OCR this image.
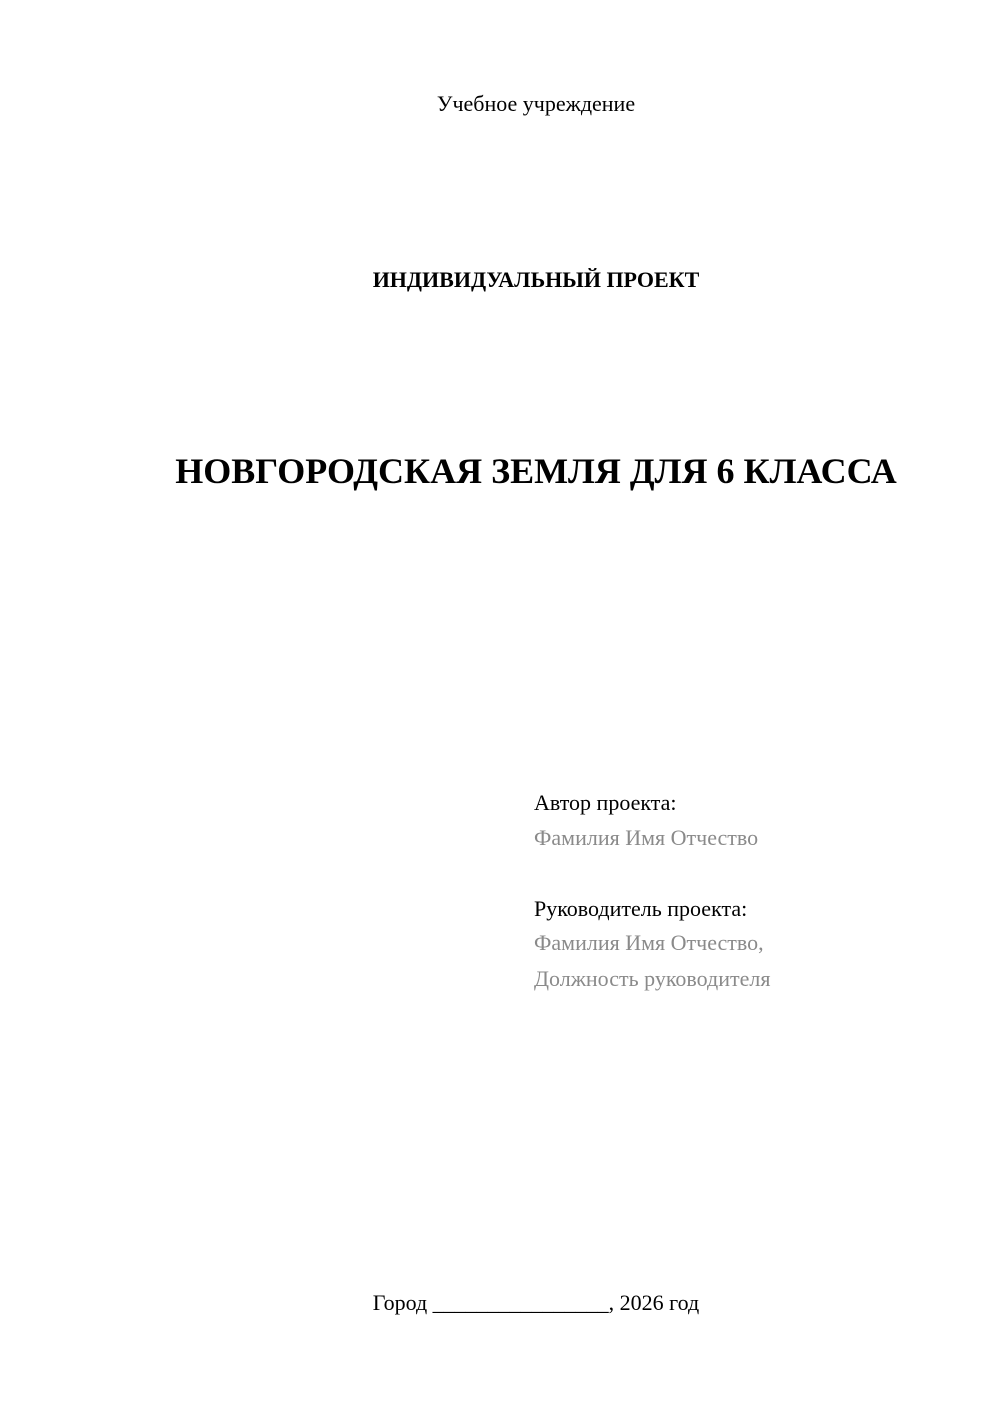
Учебное учреждение
ИНДИВИДУАЛЬНЫЙ ПРОЕКТ
НОВГОРОДСКАЯ ЗЕМЛЯ ДЛЯ 6 КЛАССА
Автор проекта:
Фамилия Имя Отчество
Руководитель проекта:
Фамилия Имя Отчество,
Должность руководителя
Город ________________, 2026 год
